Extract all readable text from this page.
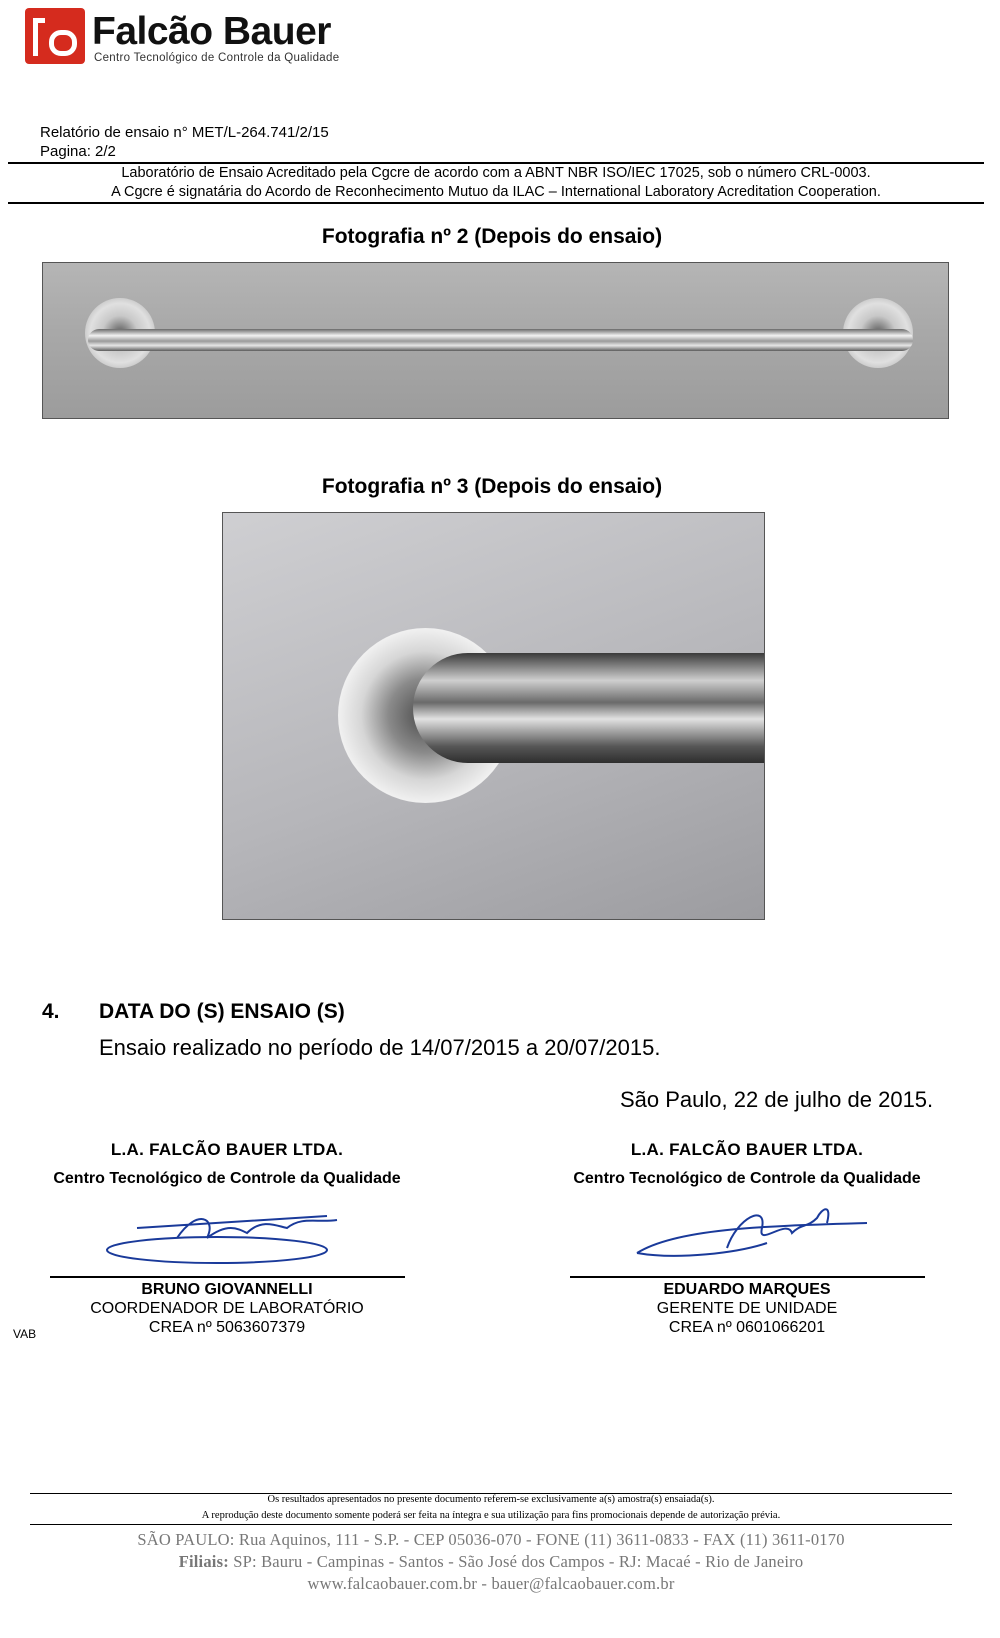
Falcão Bauer
Centro Tecnológico de Controle da Qualidade
Relatório de ensaio n° MET/L-264.741/2/15
Pagina: 2/2
Laboratório de Ensaio Acreditado pela Cgcre de acordo com a ABNT NBR ISO/IEC 17025, sob o número CRL-0003.
A Cgcre é signatária do Acordo de Reconhecimento Mutuo da ILAC – International Laboratory Acreditation Cooperation.
Fotografia nº 2 (Depois do ensaio)
Fotografia nº 3 (Depois do ensaio)
4. DATA DO (S) ENSAIO (S)
Ensaio realizado no período de 14/07/2015 a 20/07/2015.
São Paulo, 22 de julho de 2015.
L.A. FALCÃO BAUER LTDA.
Centro Tecnológico de Controle da Qualidade
BRUNO GIOVANNELLI
COORDENADOR DE LABORATÓRIO
CREA nº 5063607379
L.A. FALCÃO BAUER LTDA.
Centro Tecnológico de Controle da Qualidade
EDUARDO MARQUES
GERENTE DE UNIDADE
CREA nº 0601066201
VAB
Os resultados apresentados no presente documento referem-se exclusivamente a(s) amostra(s) ensaiada(s).
A reprodução deste documento somente poderá ser feita na íntegra e sua utilização para fins promocionais depende de autorização prévia.
SÃO PAULO: Rua Aquinos, 111 - S.P. - CEP 05036-070 - FONE (11) 3611-0833 - FAX (11) 3611-0170
Filiais: SP: Bauru - Campinas - Santos - São José dos Campos - RJ: Macaé - Rio de Janeiro
www.falcaobauer.com.br - bauer@falcaobauer.com.br
